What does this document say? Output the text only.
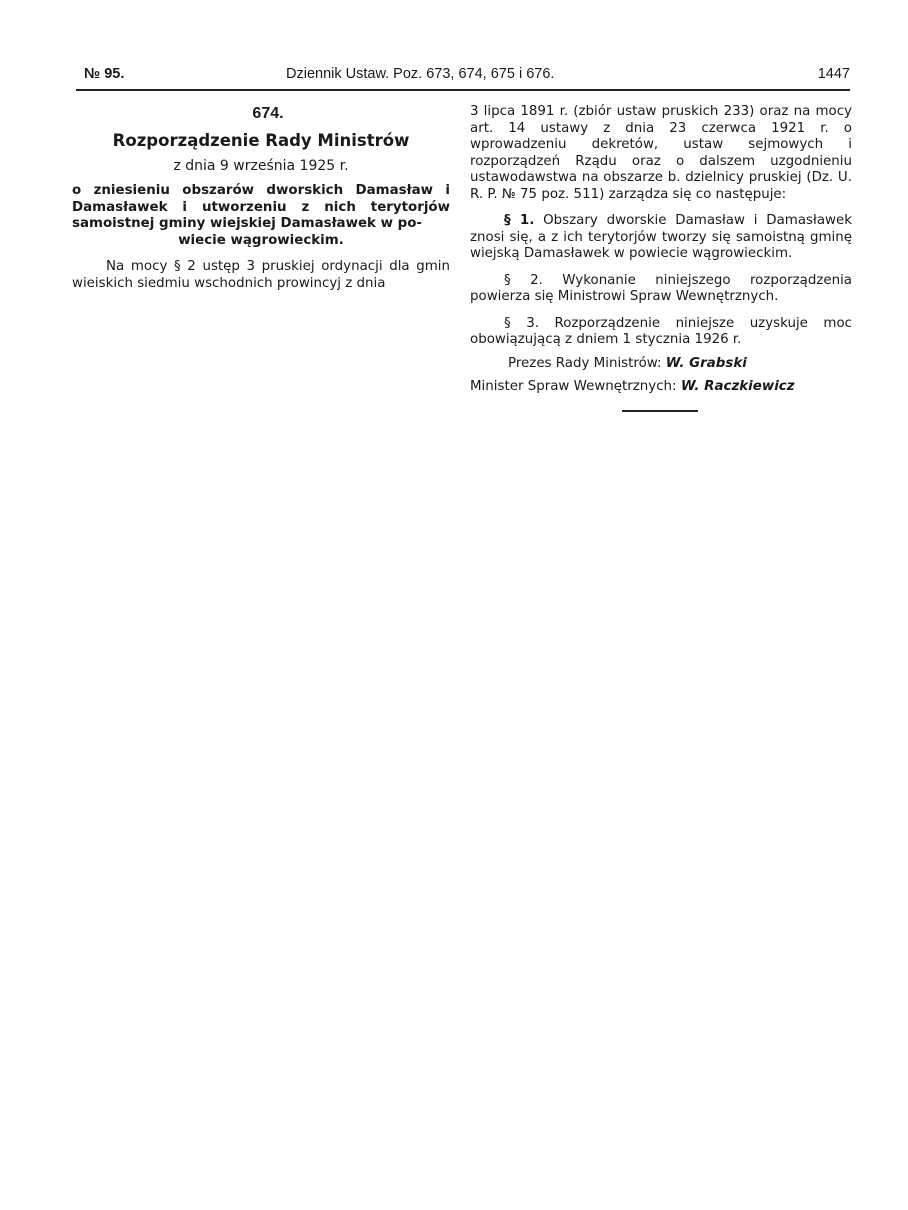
№ 95.	Dziennik Ustaw. Poz. 673, 674, 675 i 676.	1447
674.
Rozporządzenie Rady Ministrów
z dnia 9 września 1925 r.
o zniesieniu obszarów dworskich Damasław i Damasławek i utworzeniu z nich terytorjów samoistnej gminy wiejskiej Damasławek w po-
wiecie wągrowieckim.
Na mocy § 2 ustęp 3 pruskiej ordynacji dla gmin wieiskich siedmiu wschodnich prowincyj z dnia
3 lipca 1891 r. (zbiór ustaw pruskich 233) oraz na mocy art. 14 ustawy z dnia 23 czerwca 1921 r. o wprowadzeniu dekretów, ustaw sejmowych i rozporządzeń Rządu oraz o dalszem uzgodnieniu ustawodawstwa na obszarze b. dzielnicy pruskiej (Dz. U. R. P. № 75 poz. 511) zarządza się co następuje:
§ 1. Obszary dworskie Damasław i Damasławek znosi się, a z ich terytorjów tworzy się samoistną gminę wiejską Damasławek w powiecie wągrowieckim.
§ 2. Wykonanie niniejszego rozporządzenia powierza się Ministrowi Spraw Wewnętrznych.
§ 3. Rozporządzenie niniejsze uzyskuje moc obowiązującą z dniem 1 stycznia 1926 r.
Prezes Rady Ministrów: W. Grabski
Minister Spraw Wewnętrznych: W. Raczkiewicz
